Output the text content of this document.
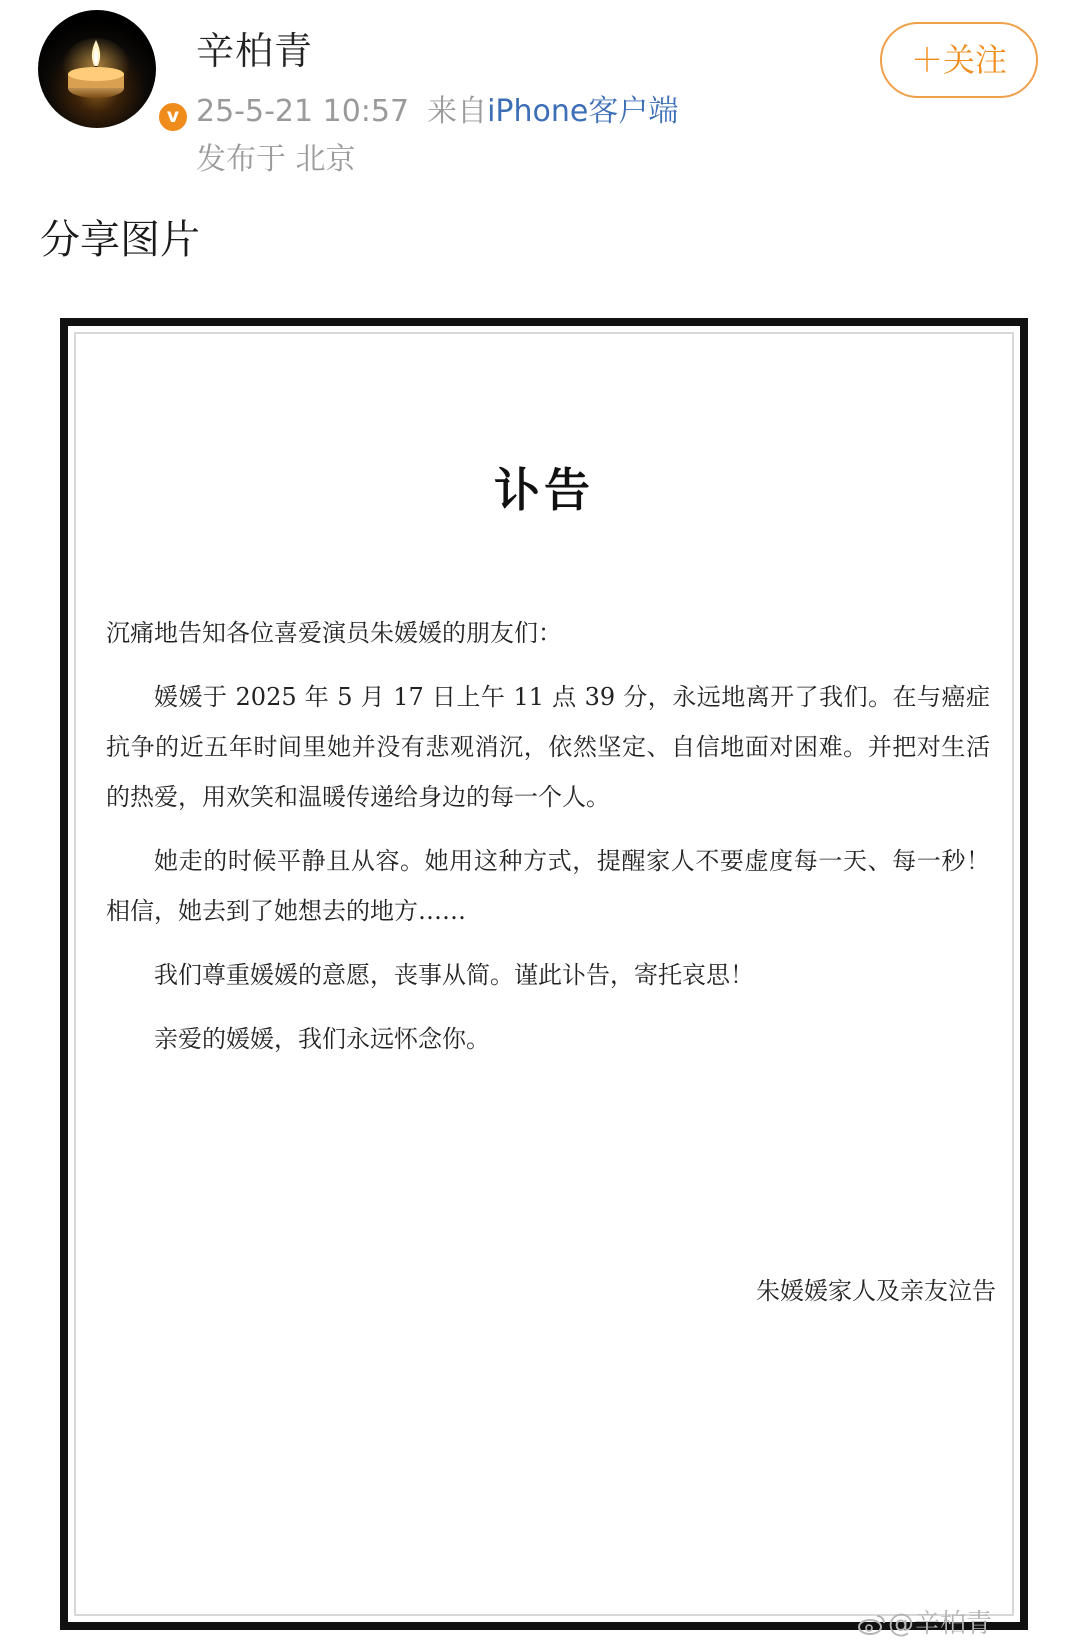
v
辛柏青
25-5-21 10:57 来自iPhone客户端
发布于 北京
＋关注
分享图片
讣告

沉痛地告知各位喜爱演员朱媛媛的朋友们：

媛媛于 2025 年 5 月 17 日上午 11 点 39 分，永远地离开了我们。在与癌症抗争的近五年时间里她并没有悲观消沉，依然坚定、自信地面对困难。并把对生活的热爱，用欢笑和温暖传递给身边的每一个人。

她走的时候平静且从容。她用这种方式，提醒家人不要虚度每一天、每一秒！相信，她去到了她想去的地方……

我们尊重媛媛的意愿，丧事从简。谨此讣告，寄托哀思！

亲爱的媛媛，我们永远怀念你。

朱媛媛家人及亲友泣告
@辛柏青
